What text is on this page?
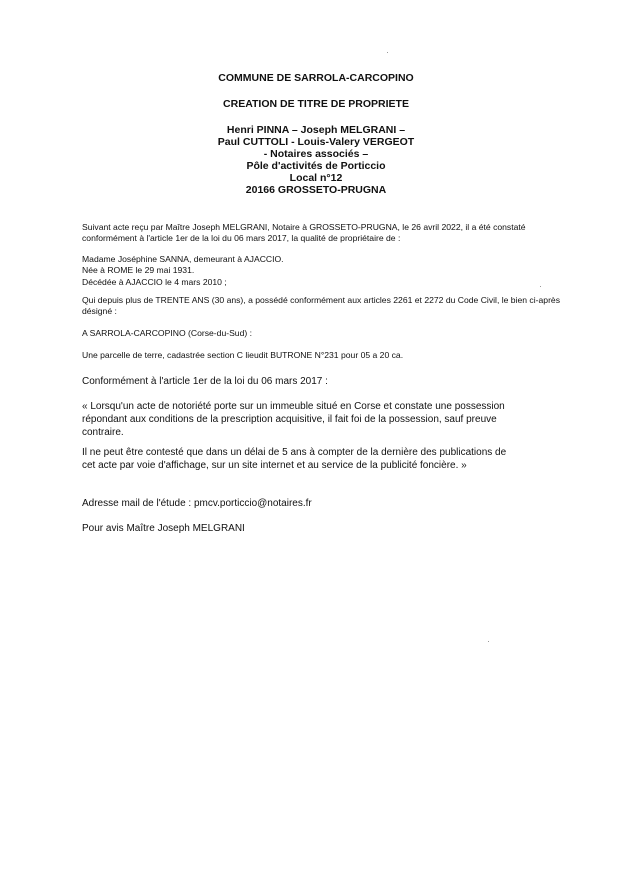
COMMUNE DE SARROLA-CARCOPINO
CREATION DE TITRE DE PROPRIETE
Henri PINNA – Joseph MELGRANI –
Paul CUTTOLI - Louis-Valery VERGEOT
- Notaires associés –
Pôle d'activités de Porticcio
Local n°12
20166 GROSSETO-PRUGNA
Suivant acte reçu par Maître Joseph MELGRANI, Notaire à GROSSETO-PRUGNA, le 26 avril 2022, il a été constaté conformément à l'article 1er de la loi du 06 mars 2017, la qualité de propriétaire de :
Madame Joséphine SANNA, demeurant à AJACCIO.
Née à ROME le 29 mai 1931.
Décédée à AJACCIO le 4 mars 2010 ;
Qui depuis plus de TRENTE ANS (30 ans), a possédé conformément aux articles 2261 et 2272 du Code Civil, le bien ci-après désigné :
A SARROLA-CARCOPINO (Corse-du-Sud) :
Une parcelle de terre, cadastrée section C lieudit BUTRONE N°231 pour 05 a 20 ca.
Conformément à l'article 1er de la loi du 06 mars 2017 :
« Lorsqu'un acte de notoriété porte sur un immeuble situé en Corse et constate une possession répondant aux conditions de la prescription acquisitive, il fait foi de la possession, sauf preuve contraire.
Il ne peut être contesté que dans un délai de 5 ans à compter de la dernière des publications de cet acte par voie d'affichage, sur un site internet et au service de la publicité foncière. »
Adresse mail de l'étude : pmcv.porticcio@notaires.fr
Pour avis Maître Joseph MELGRANI
